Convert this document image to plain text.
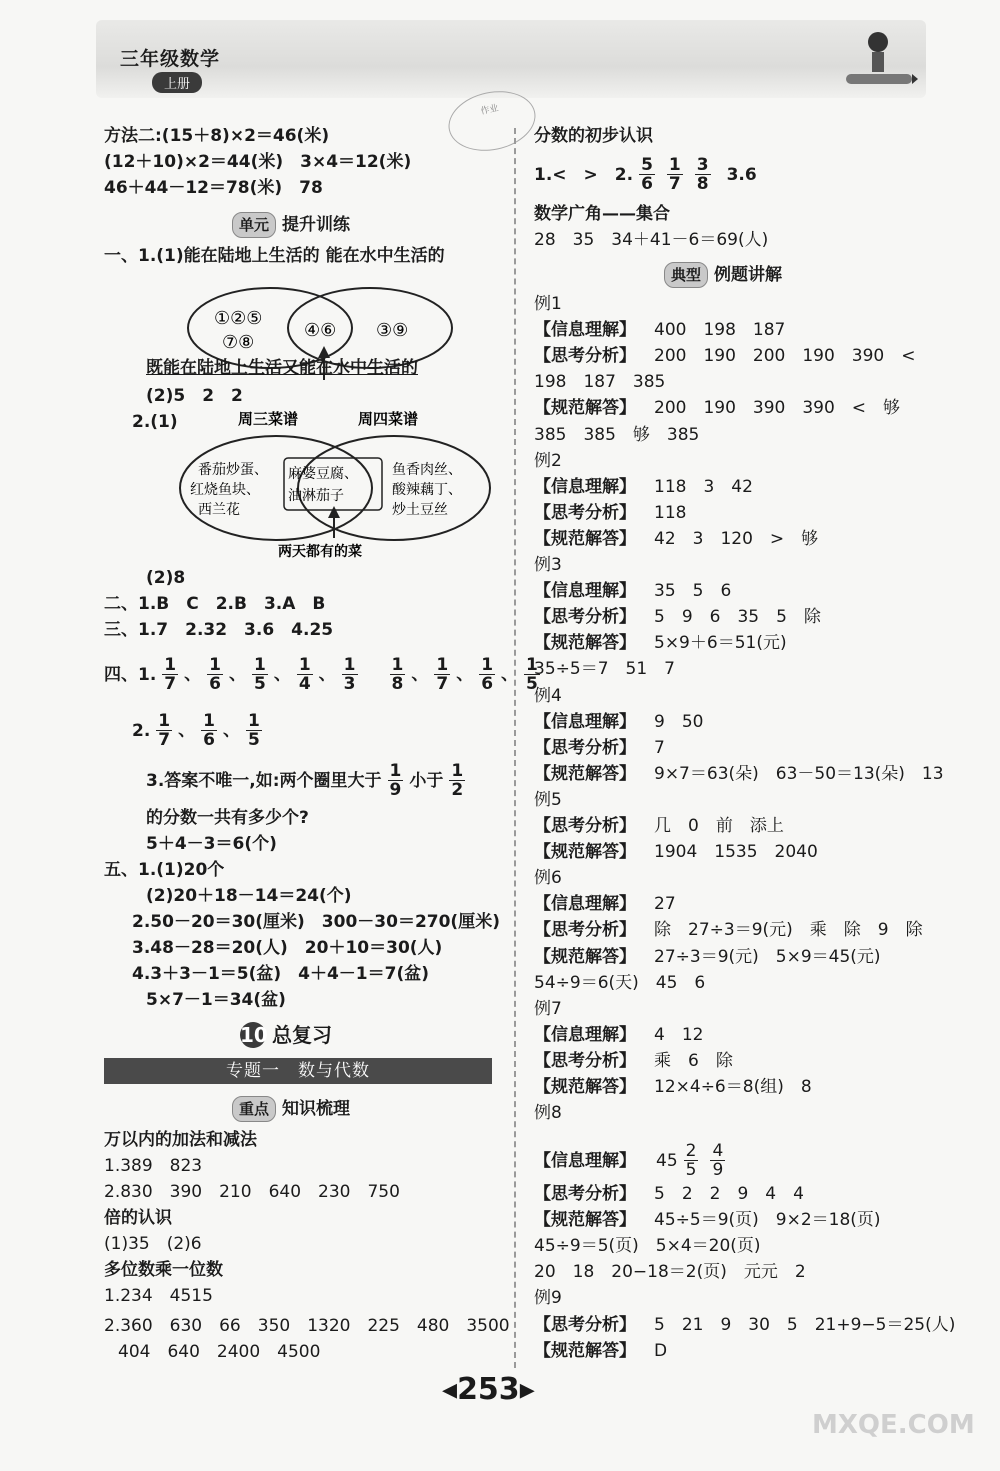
三年级数学
上册
作业
方法二:(15＋8)×2＝46(米)
(12＋10)×2＝44(米)　3×4＝12(米)
46＋44－12＝78(米)　78
单元 提升训练
一、1.(1)能在陆地上生活的 能在水中生活的
①②⑤
⑦⑧
④⑥ ③⑨
既能在陆地上生活又能在水中生活的
(2)5　2　2
2.(1)	周三菜谱	周四菜谱
番茄炒蛋、
红烧鱼块、
西兰花
麻婆豆腐、
油淋茄子
鱼香肉丝、
酸辣藕丁、
炒土豆丝
两天都有的菜
(2)8
二、1.B　C　2.B　3.A　B
三、1.7　2.32　3.6　4.25
四、1. $\frac{1}{7}$ 、 $\frac{1}{6}$ 、 $\frac{1}{5}$ 、 $\frac{1}{4}$ 、 $\frac{1}{3} \frac{1}{8}$ 、 $\frac{1}{7}$ 、 $\frac{1}{6}$ 、 $\frac{1}{5}$
2. $\frac{1}{7}$ 、 $\frac{1}{6}$ 、 $\frac{1}{5}$
3.答案不唯一,如:两个圈里大于 $\frac{1}{9}$ 小于 $\frac{1}{2}$
的分数一共有多少个?
5＋4－3＝6(个)
五、1.(1)20个
(2)20＋18－14＝24(个)
2.50－20＝30(厘米)　300－30＝270(厘米)
3.48－28＝20(人)　20＋10＝30(人)
4.3＋3－1＝5(盆)　4＋4－1＝7(盆)
5×7－1＝34(盆)
10 总复习
专题一　数与代数
重点 知识梳理
万以内的加法和减法
1.389　823
2.830　390　210　640　230　750
倍的认识
(1)35　(2)6
多位数乘一位数
1.234　4515
2.360　630　66　350　1320　225　480　3500
404　640　2400　4500
分数的初步认识
1.<　>　2. $\frac{5}{6} \frac{1}{7} \frac{3}{8} 3.6$
数学广角——集合
28　35　34＋41－6＝69(人)
典型 例题讲解
例1
【信息理解】 400　198　187
【思考分析】 200　190　200　190　390　<
198　187　385
【规范解答】 200　190　390　390　<　够
385　385　够　385
例2
【信息理解】 118　3　42
【思考分析】 118
【规范解答】 42　3　120　>　够
例3
【信息理解】 35　5　6
【思考分析】 5　9　6　35　5　除
【规范解答】 5×9＋6＝51(元)
35÷5＝7　51　7
例4
【信息理解】 9　50
【思考分析】 7
【规范解答】 9×7＝63(朵)　63－50＝13(朵)　13
例5
【思考分析】 几　0　前　添上
【规范解答】 1904　1535　2040
例6
【信息理解】 27
【思考分析】 除　27÷3＝9(元)　乘　除　9　除
【规范解答】 27÷3＝9(元)　5×9＝45(元)
54÷9＝6(天)　45　6
例7
【信息理解】 4　12
【思考分析】 乘　6　除
【规范解答】 12×4÷6＝8(组)　8
例8
【信息理解】 $45 \frac{2}{5} \frac{4}{9}$
【思考分析】 5　2　2　9　4　4
【规范解答】 45÷5＝9(页)　9×2＝18(页)
45÷9＝5(页)　5×4＝20(页)
20　18　20−18＝2(页)　元元　2
例9
【思考分析】 5　21　9　30　5　21+9−5＝25(人)
【规范解答】 D
◂253▸
MXQE.COM
